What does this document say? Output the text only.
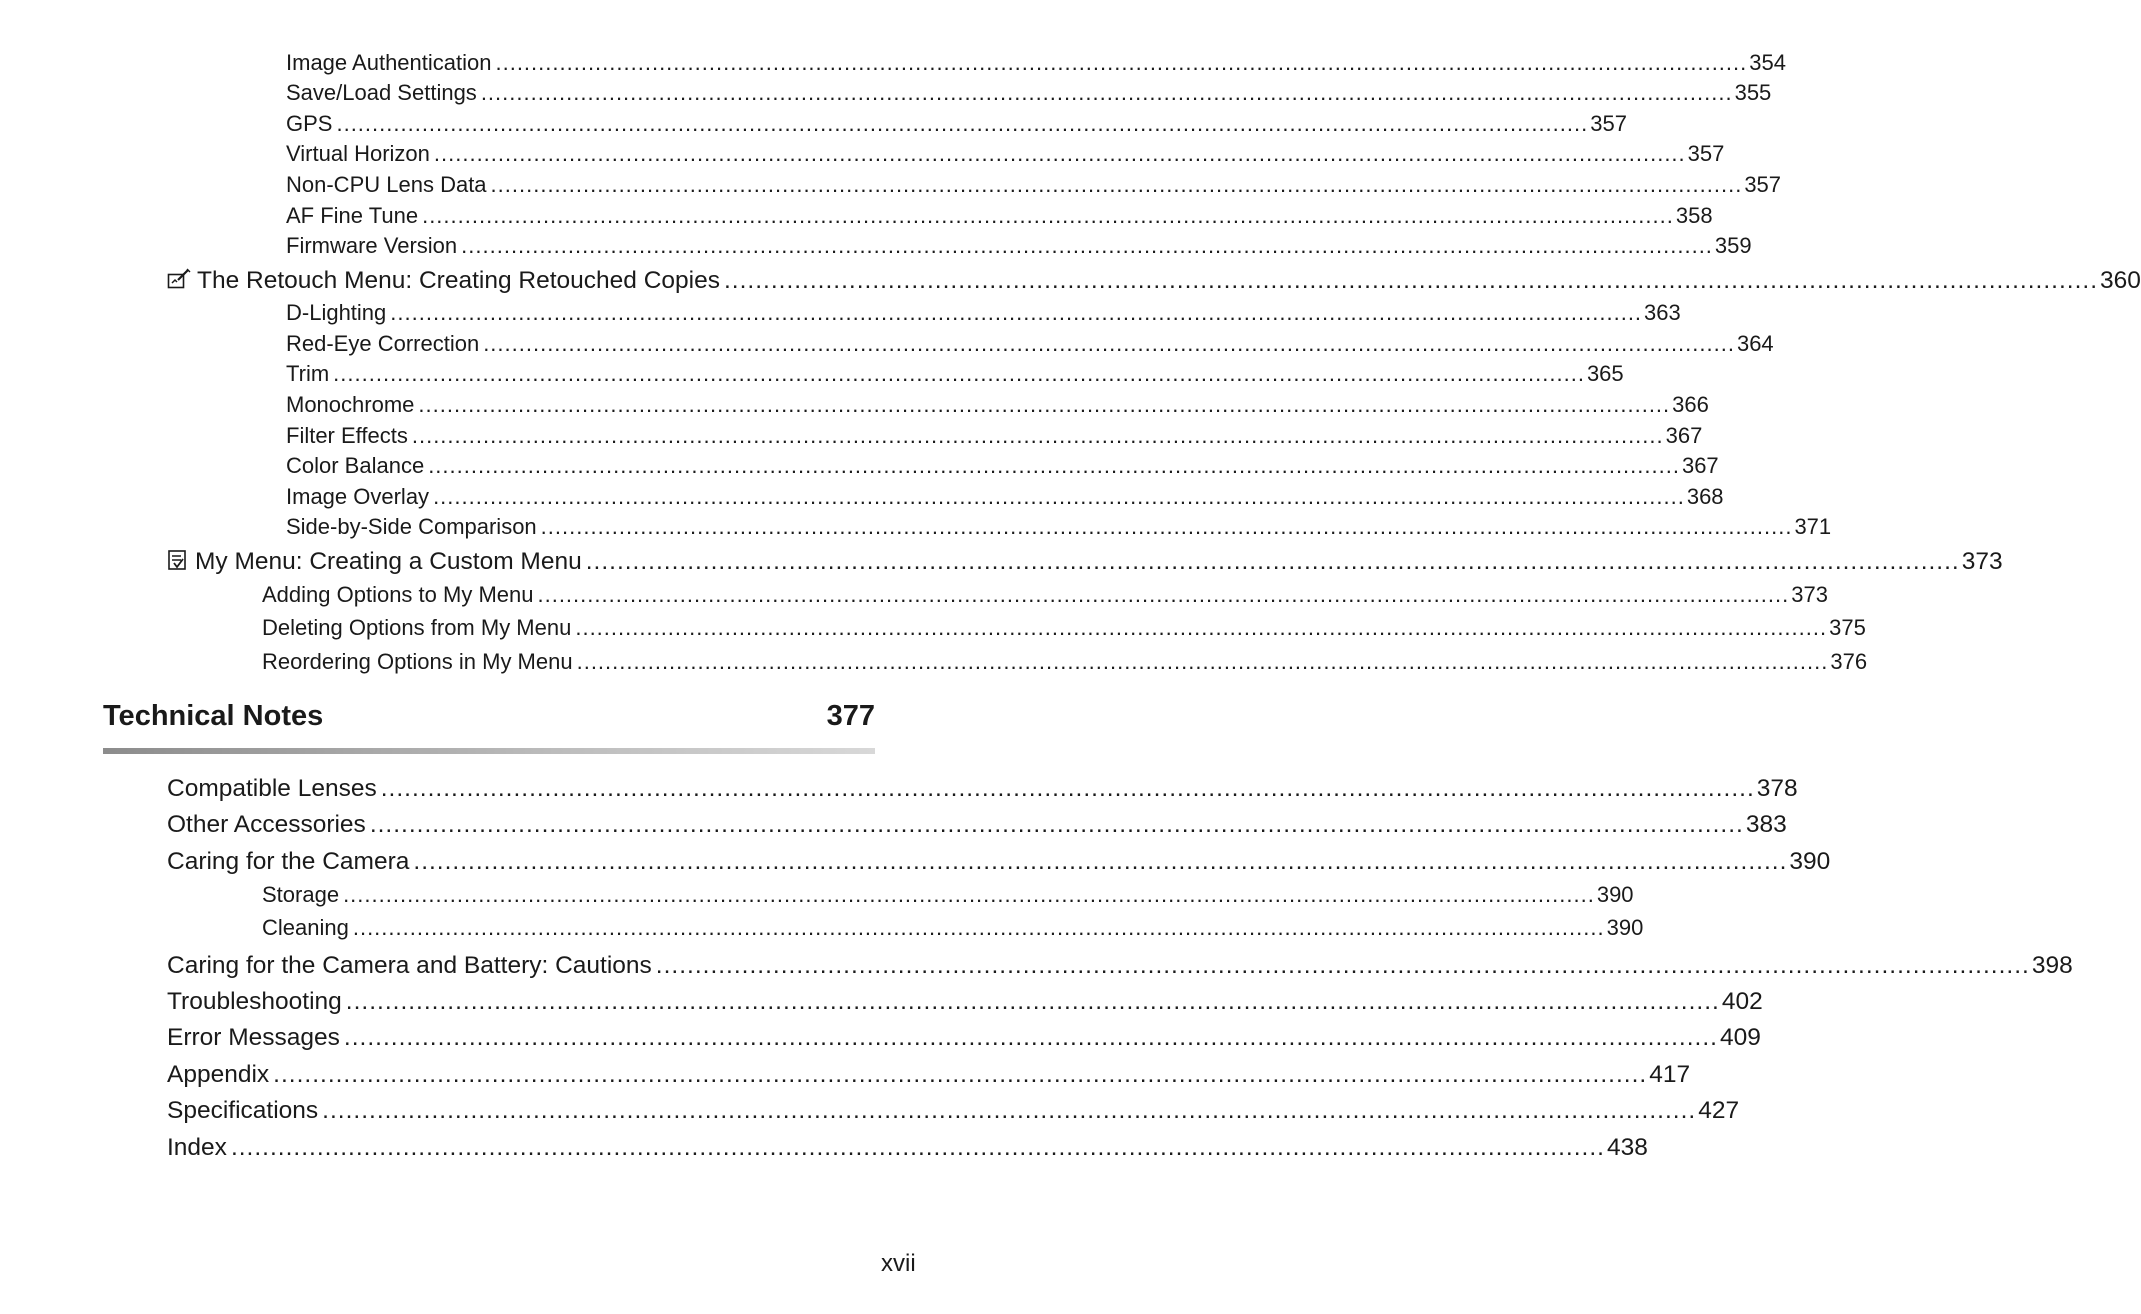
Image Authentication ................................................................................................................................................................................ 354
Save/Load Settings ................................................................................................................................................................................ 355
GPS ................................................................................................................................................................................ 357
Virtual Horizon ................................................................................................................................................................................ 357
Non-CPU Lens Data ................................................................................................................................................................................ 357
AF Fine Tune ................................................................................................................................................................................ 358
Firmware Version ................................................................................................................................................................................ 359
The Retouch Menu: Creating Retouched Copies ................................................................................................................................................................................ 360
D-Lighting ................................................................................................................................................................................ 363
Red-Eye Correction ................................................................................................................................................................................ 364
Trim ................................................................................................................................................................................ 365
Monochrome ................................................................................................................................................................................ 366
Filter Effects ................................................................................................................................................................................ 367
Color Balance ................................................................................................................................................................................ 367
Image Overlay ................................................................................................................................................................................ 368
Side-by-Side Comparison ................................................................................................................................................................................ 371
My Menu: Creating a Custom Menu ................................................................................................................................................................................ 373
Adding Options to My Menu ................................................................................................................................................................................ 373
Deleting Options from My Menu ................................................................................................................................................................................ 375
Reordering Options in My Menu ................................................................................................................................................................................ 376
Technical Notes	377
Compatible Lenses ................................................................................................................................................................................ 378
Other Accessories ................................................................................................................................................................................ 383
Caring for the Camera ................................................................................................................................................................................ 390
Storage ................................................................................................................................................................................ 390
Cleaning ................................................................................................................................................................................ 390
Caring for the Camera and Battery: Cautions ................................................................................................................................................................................ 398
Troubleshooting ................................................................................................................................................................................ 402
Error Messages ................................................................................................................................................................................ 409
Appendix ................................................................................................................................................................................ 417
Specifications ................................................................................................................................................................................ 427
Index ................................................................................................................................................................................ 438
xvii
